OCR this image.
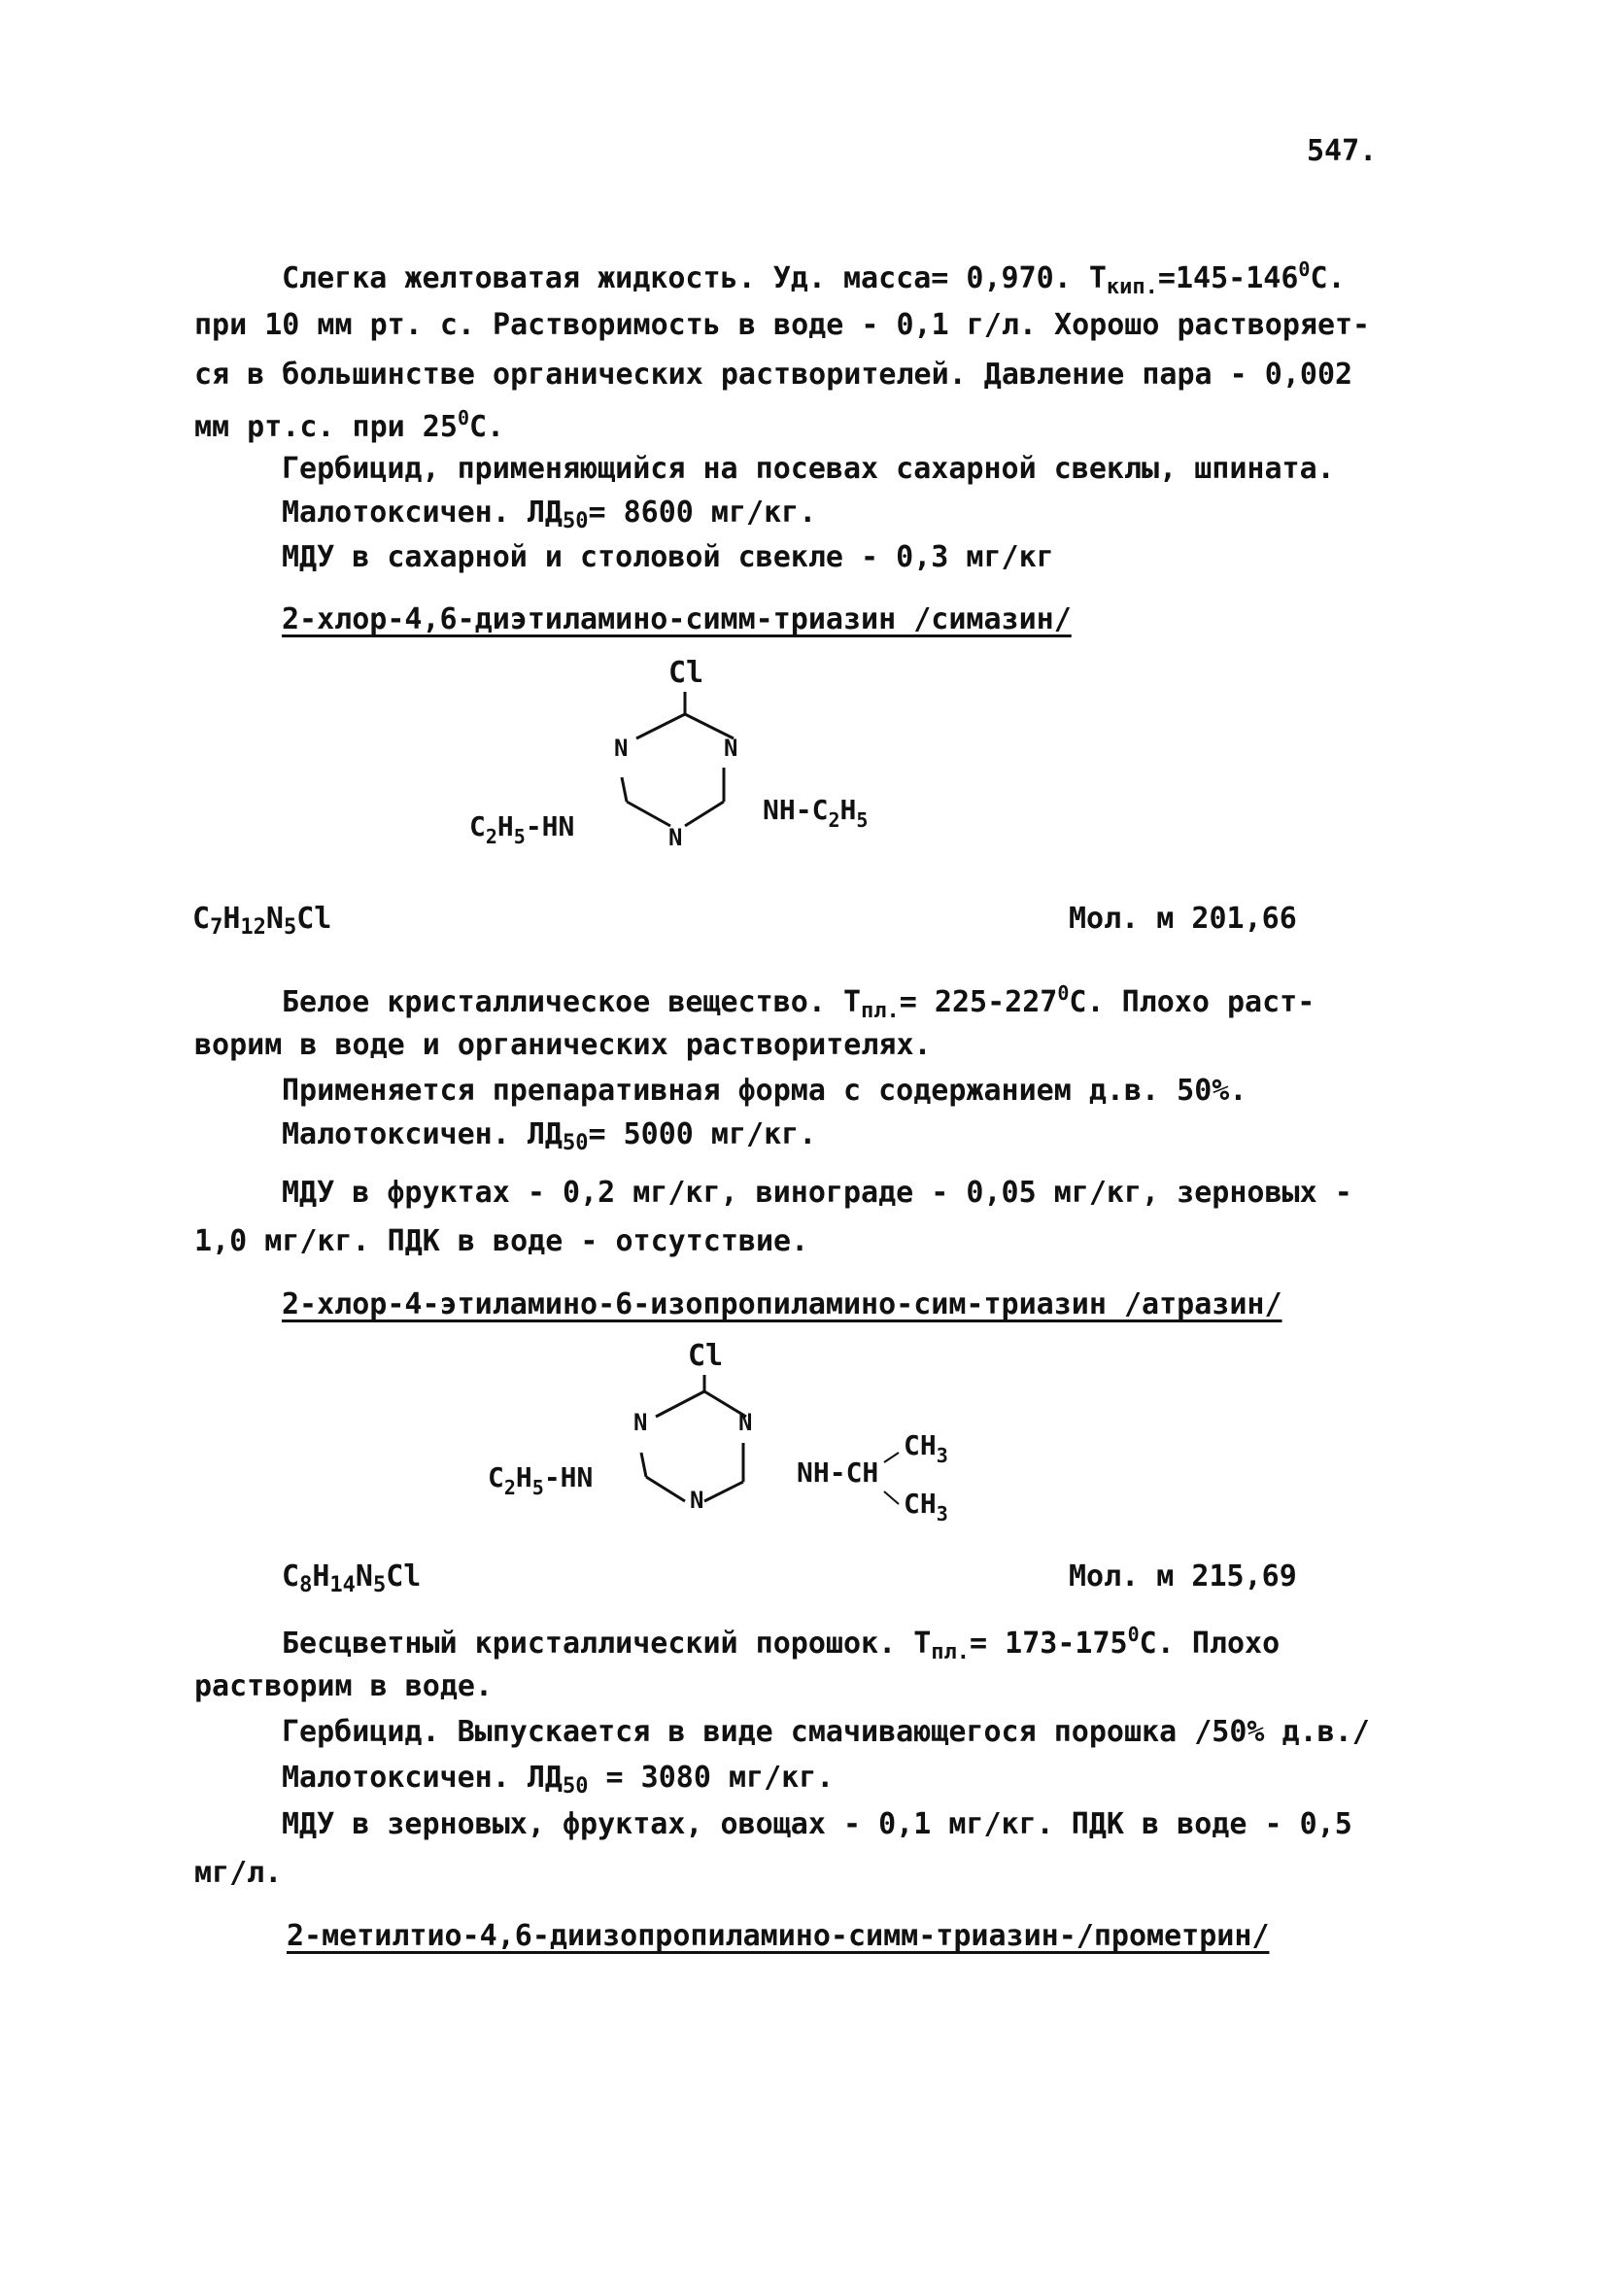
547.
Слегка желтоватая жидкость. Уд. масса= 0,970. $T_{кип.}=145-146^0C$.
при 10 мм рт. с. Растворимость в воде - 0,1 г/л. Хорошо растворяет-
ся в большинстве органических растворителей. Давление пара - 0,002
мм рт.с. при $25^0C$.
Гербицид, применяющийся на посевах сахарной свеклы, шпината.
Малотоксичен. $ЛД_{50}= 8600$ мг/кг.
МДУ в сахарной и столовой свекле - 0,3 мг/кг
2-хлор-4,6-диэтиламино-симм-триазин /симазин/
Cl
N	N
N
$C_2H_5-HN$
$NH-C_2H_5$
$C_7H_{12}N_5Cl$	Мол. м 201,66
Белое кристаллическое вещество. $T_{пл.}= 225-227^0C$. Плохо раст-
ворим в воде и органических растворителях.
Применяется препаративная форма с содержанием д.в. 50%.
Малотоксичен. $ЛД_{50}= 5000$ мг/кг.
МДУ в фруктах - 0,2 мг/кг, винограде - 0,05 мг/кг, зерновых -
1,0 мг/кг. ПДК в воде - отсутствие.
2-хлор-4-этиламино-6-изопропиламино-сим-триазин /атразин/
Cl
N	N
N
$C_2H_5-HN$	NH-CH
$CH_3$
$CH_3$
$C_8H_{14}N_5Cl$	Мол. м 215,69
Бесцветный кристаллический порошок. $T_{пл.}= 173-175^0C$. Плохо
растворим в воде.
Гербицид. Выпускается в виде смачивающегося порошка /50% д.в./
Малотоксичен. $ЛД_{50} = 3080$ мг/кг.
МДУ в зерновых, фруктах, овощах - 0,1 мг/кг. ПДК в воде - 0,5
мг/л.
2-метилтио-4,6-диизопропиламино-симм-триазин-/прометрин/
